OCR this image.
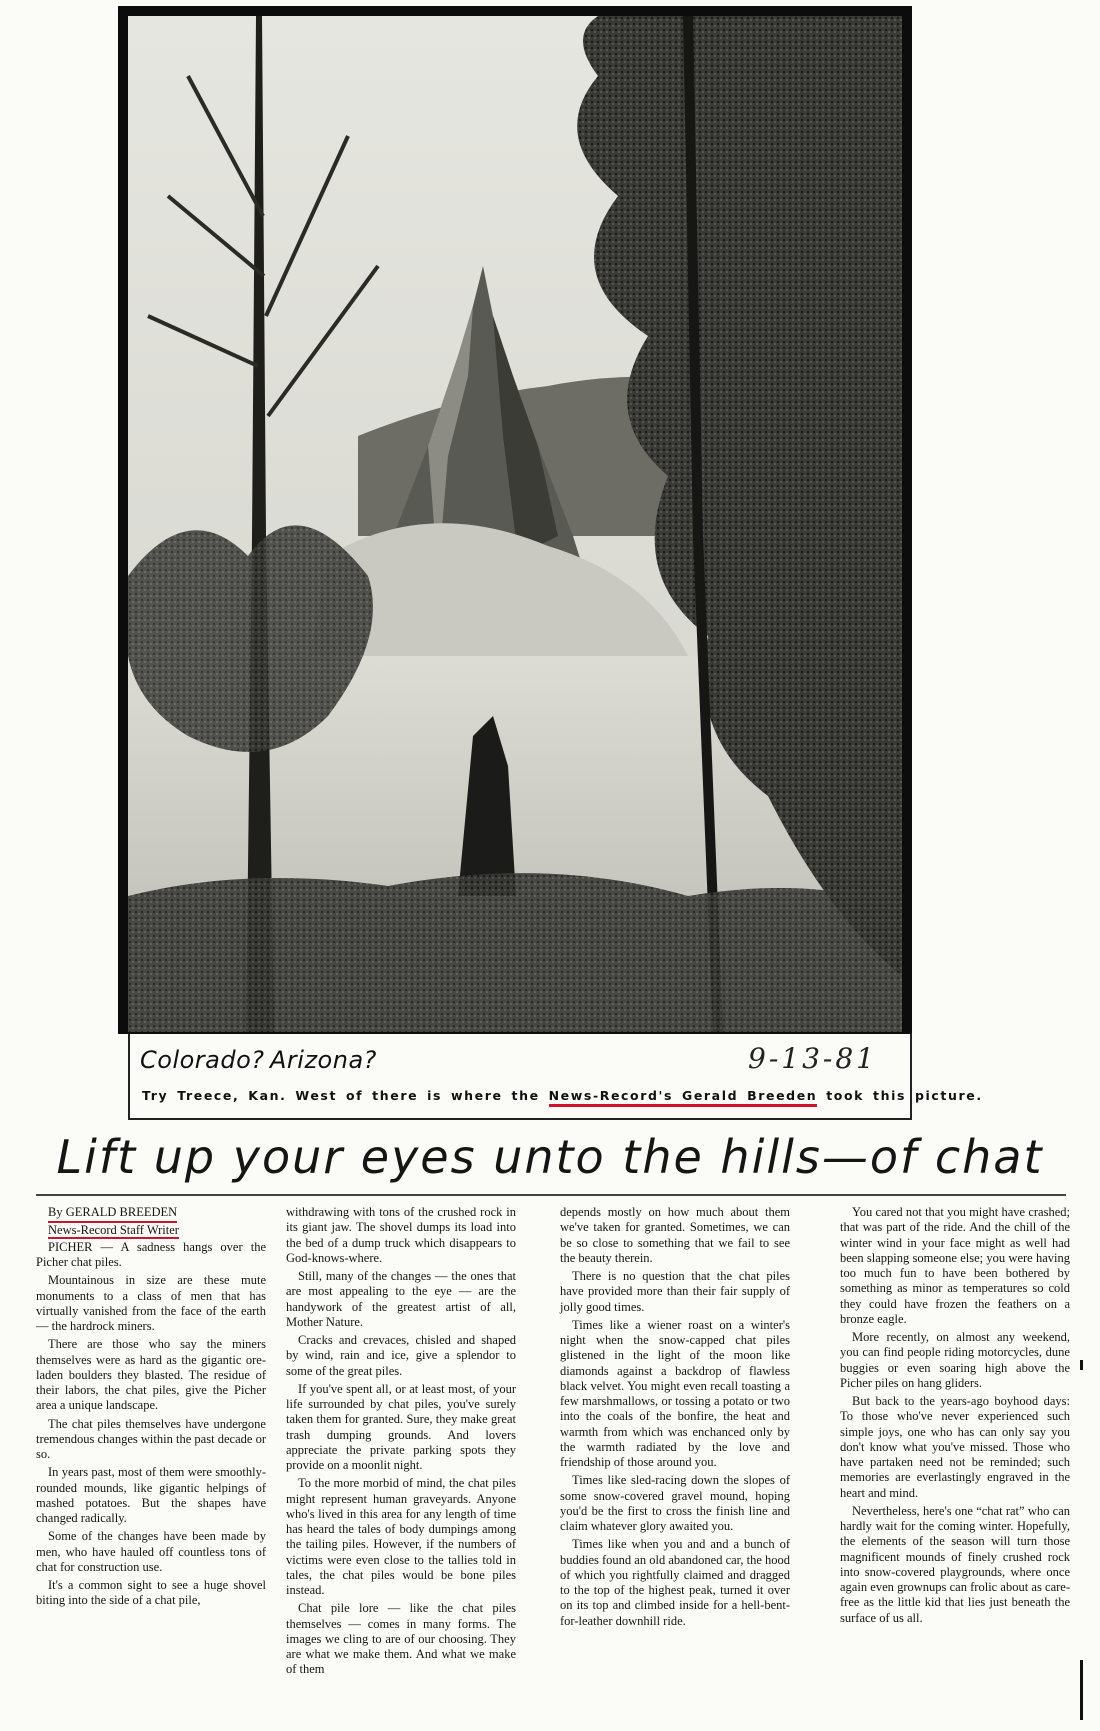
Colorado? Arizona?	9-13-81
Try Treece, Kan. West of there is where the News-Record's Gerald Breeden took this picture.
Lift up your eyes unto the hills—of chat
By GERALD BREEDEN
News-Record Staff Writer

PICHER — A sadness hangs over the Picher chat piles.

Mountainous in size are these mute monuments to a class of men that has virtually vanished from the face of the earth — the hardrock miners.

There are those who say the miners themselves were as hard as the gigantic ore-laden boulders they blasted. The residue of their labors, the chat piles, give the Picher area a unique landscape.

The chat piles themselves have undergone tremendous changes within the past decade or so.

In years past, most of them were smoothly-rounded mounds, like gigantic helpings of mashed potatoes. But the shapes have changed radically.

Some of the changes have been made by men, who have hauled off countless tons of chat for construction use.

It's a common sight to see a huge shovel biting into the side of a chat pile,

withdrawing with tons of the crushed rock in its giant jaw. The shovel dumps its load into the bed of a dump truck which disappears to God-knows-where.

Still, many of the changes — the ones that are most appealing to the eye — are the handywork of the greatest artist of all, Mother Nature.

Cracks and crevaces, chisled and shaped by wind, rain and ice, give a splendor to some of the great piles.

If you've spent all, or at least most, of your life surrounded by chat piles, you've surely taken them for granted. Sure, they make great trash dumping grounds. And lovers appreciate the private parking spots they provide on a moonlit night.

To the more morbid of mind, the chat piles might represent human graveyards. Anyone who's lived in this area for any length of time has heard the tales of body dumpings among the tailing piles. However, if the numbers of victims were even close to the tallies told in tales, the chat piles would be bone piles instead.

Chat pile lore — like the chat piles themselves — comes in many forms. The images we cling to are of our choosing. They are what we make them. And what we make of them

depends mostly on how much about them we've taken for granted. Sometimes, we can be so close to something that we fail to see the beauty therein.

There is no question that the chat piles have provided more than their fair supply of jolly good times.

Times like a wiener roast on a winter's night when the snow-capped chat piles glistened in the light of the moon like diamonds against a backdrop of flawless black velvet. You might even recall toasting a few marshmallows, or tossing a potato or two into the coals of the bonfire, the heat and warmth from which was enchanced only by the warmth radiated by the love and friendship of those around you.

Times like sled-racing down the slopes of some snow-covered gravel mound, hoping you'd be the first to cross the finish line and claim whatever glory awaited you.

Times like when you and and a bunch of buddies found an old abandoned car, the hood of which you rightfully claimed and dragged to the top of the highest peak, turned it over on its top and climbed inside for a hell-bent-for-leather downhill ride.

You cared not that you might have crashed; that was part of the ride. And the chill of the winter wind in your face might as well had been slapping someone else; you were having too much fun to have been bothered by something as minor as temperatures so cold they could have frozen the feathers on a bronze eagle.

More recently, on almost any weekend, you can find people riding motorcycles, dune buggies or even soaring high above the Picher piles on hang gliders.

But back to the years-ago boyhood days: To those who've never experienced such simple joys, one who has can only say you don't know what you've missed. Those who have partaken need not be reminded; such memories are everlastingly engraved in the heart and mind.

Nevertheless, here's one “chat rat” who can hardly wait for the coming winter. Hopefully, the elements of the season will turn those magnificent mounds of finely crushed rock into snow-covered playgrounds, where once again even grownups can frolic about as care-free as the little kid that lies just beneath the surface of us all.
